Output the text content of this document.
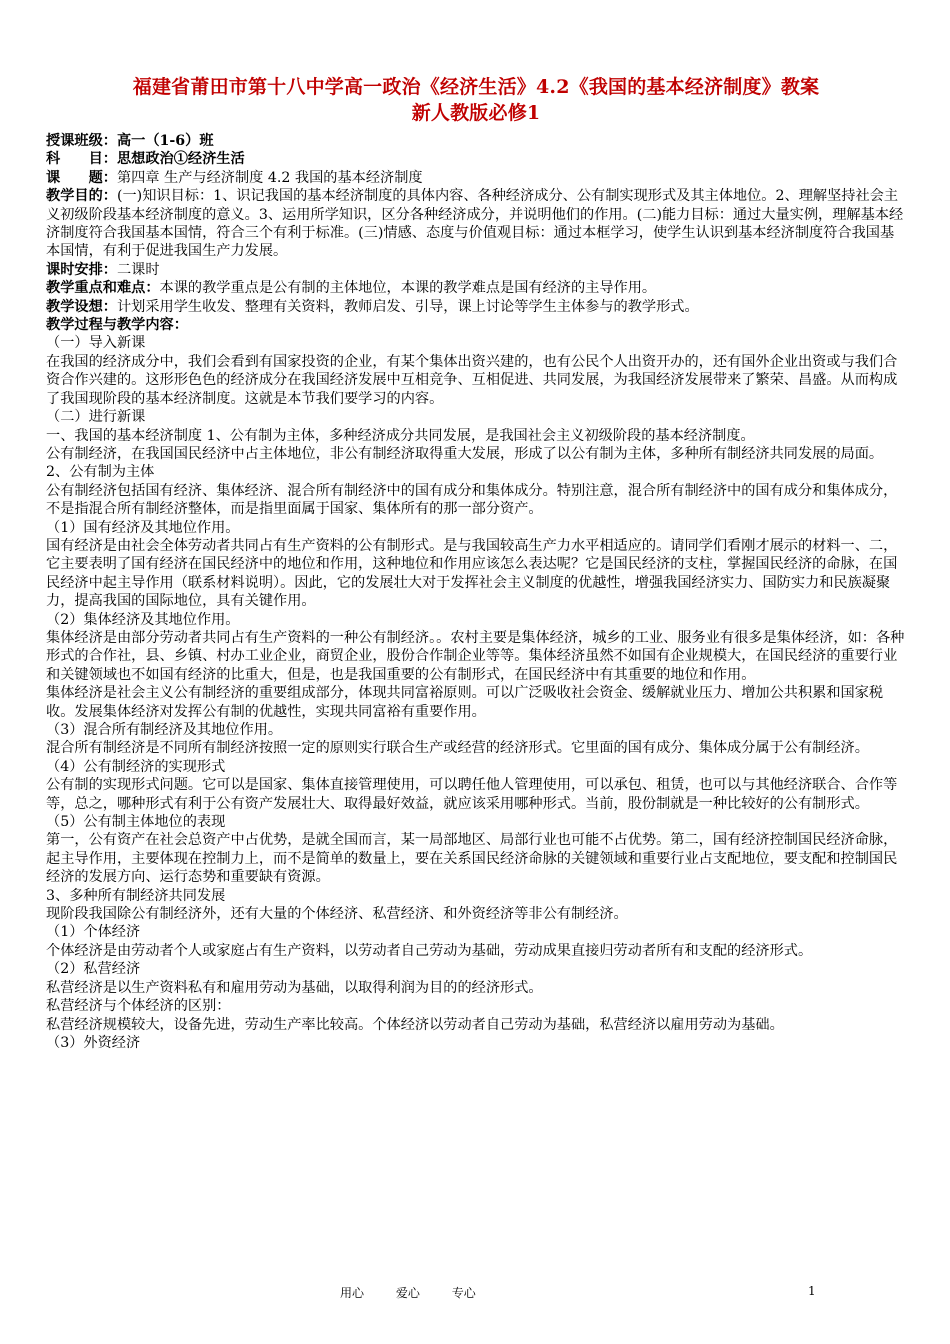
福建省莆田市第十八中学高一政治《经济生活》4.2《我国的基本经济制度》教案
新人教版必修1

授课班级：高一（1-6）班

科　　目：思想政治①经济生活

课　　题：第四章 生产与经济制度 4.2 我国的基本经济制度

教学目的：(一)知识目标：1、识记我国的基本经济制度的具体内容、各种经济成分、公有制实现形式及其主体地位。2、理解坚持社会主义初级阶段基本经济制度的意义。3、运用所学知识，区分各种经济成分，并说明他们的作用。(二)能力目标：通过大量实例，理解基本经济制度符合我国基本国情，符合三个有利于标准。(三)情感、态度与价值观目标：通过本框学习，使学生认识到基本经济制度符合我国基本国情，有利于促进我国生产力发展。

课时安排：二课时

教学重点和难点：本课的教学重点是公有制的主体地位，本课的教学难点是国有经济的主导作用。

教学设想：计划采用学生收发、整理有关资料，教师启发、引导，课上讨论等学生主体参与的教学形式。

教学过程与教学内容：

（一）导入新课

在我国的经济成分中，我们会看到有国家投资的企业，有某个集体出资兴建的，也有公民个人出资开办的，还有国外企业出资或与我们合资合作兴建的。这形形色色的经济成分在我国经济发展中互相竞争、互相促进、共同发展，为我国经济发展带来了繁荣、昌盛。从而构成了我国现阶段的基本经济制度。这就是本节我们要学习的内容。

（二）进行新课

一、我国的基本经济制度 1、公有制为主体，多种经济成分共同发展，是我国社会主义初级阶段的基本经济制度。

公有制经济，在我国国民经济中占主体地位，非公有制经济取得重大发展，形成了以公有制为主体，多种所有制经济共同发展的局面。

2、公有制为主体

公有制经济包括国有经济、集体经济、混合所有制经济中的国有成分和集体成分。特别注意，混合所有制经济中的国有成分和集体成分，不是指混合所有制经济整体，而是指里面属于国家、集体所有的那一部分资产。

（1）国有经济及其地位作用。

国有经济是由社会全体劳动者共同占有生产资料的公有制形式。是与我国较高生产力水平相适应的。请同学们看刚才展示的材料一、二，它主要表明了国有经济在国民经济中的地位和作用，这种地位和作用应该怎么表达呢？它是国民经济的支柱，掌握国民经济的命脉，在国民经济中起主导作用（联系材料说明）。因此，它的发展壮大对于发挥社会主义制度的优越性，增强我国经济实力、国防实力和民族凝聚力，提高我国的国际地位，具有关键作用。

（2）集体经济及其地位作用。

集体经济是由部分劳动者共同占有生产资料的一种公有制经济。。农村主要是集体经济，城乡的工业、服务业有很多是集体经济，如：各种形式的合作社，县、乡镇、村办工业企业，商贸企业，股份合作制企业等等。集体经济虽然不如国有企业规模大，在国民经济的重要行业和关键领域也不如国有经济的比重大，但是，也是我国重要的公有制形式，在国民经济中有其重要的地位和作用。

集体经济是社会主义公有制经济的重要组成部分，体现共同富裕原则。可以广泛吸收社会资金、缓解就业压力、增加公共积累和国家税收。发展集体经济对发挥公有制的优越性，实现共同富裕有重要作用。

（3）混合所有制经济及其地位作用。

混合所有制经济是不同所有制经济按照一定的原则实行联合生产或经营的经济形式。它里面的国有成分、集体成分属于公有制经济。

（4）公有制经济的实现形式

公有制的实现形式问题。它可以是国家、集体直接管理使用，可以聘任他人管理使用，可以承包、租赁，也可以与其他经济联合、合作等等，总之，哪种形式有利于公有资产发展壮大、取得最好效益，就应该采用哪种形式。当前，股份制就是一种比较好的公有制形式。

（5）公有制主体地位的表现

第一，公有资产在社会总资产中占优势，是就全国而言，某一局部地区、局部行业也可能不占优势。第二，国有经济控制国民经济命脉，起主导作用，主要体现在控制力上，而不是简单的数量上，要在关系国民经济命脉的关键领域和重要行业占支配地位，要支配和控制国民经济的发展方向、运行态势和重要缺有资源。

3、多种所有制经济共同发展

现阶段我国除公有制经济外，还有大量的个体经济、私营经济、和外资经济等非公有制经济。

（1）个体经济

个体经济是由劳动者个人或家庭占有生产资料，以劳动者自己劳动为基础，劳动成果直接归劳动者所有和支配的经济形式。

（2）私营经济

私营经济是以生产资料私有和雇用劳动为基础，以取得利润为目的的经济形式。

私营经济与个体经济的区别：

私营经济规模较大，设备先进，劳动生产率比较高。个体经济以劳动者自己劳动为基础，私营经济以雇用劳动为基础。

（3）外资经济

用心	爱心	专心	1
